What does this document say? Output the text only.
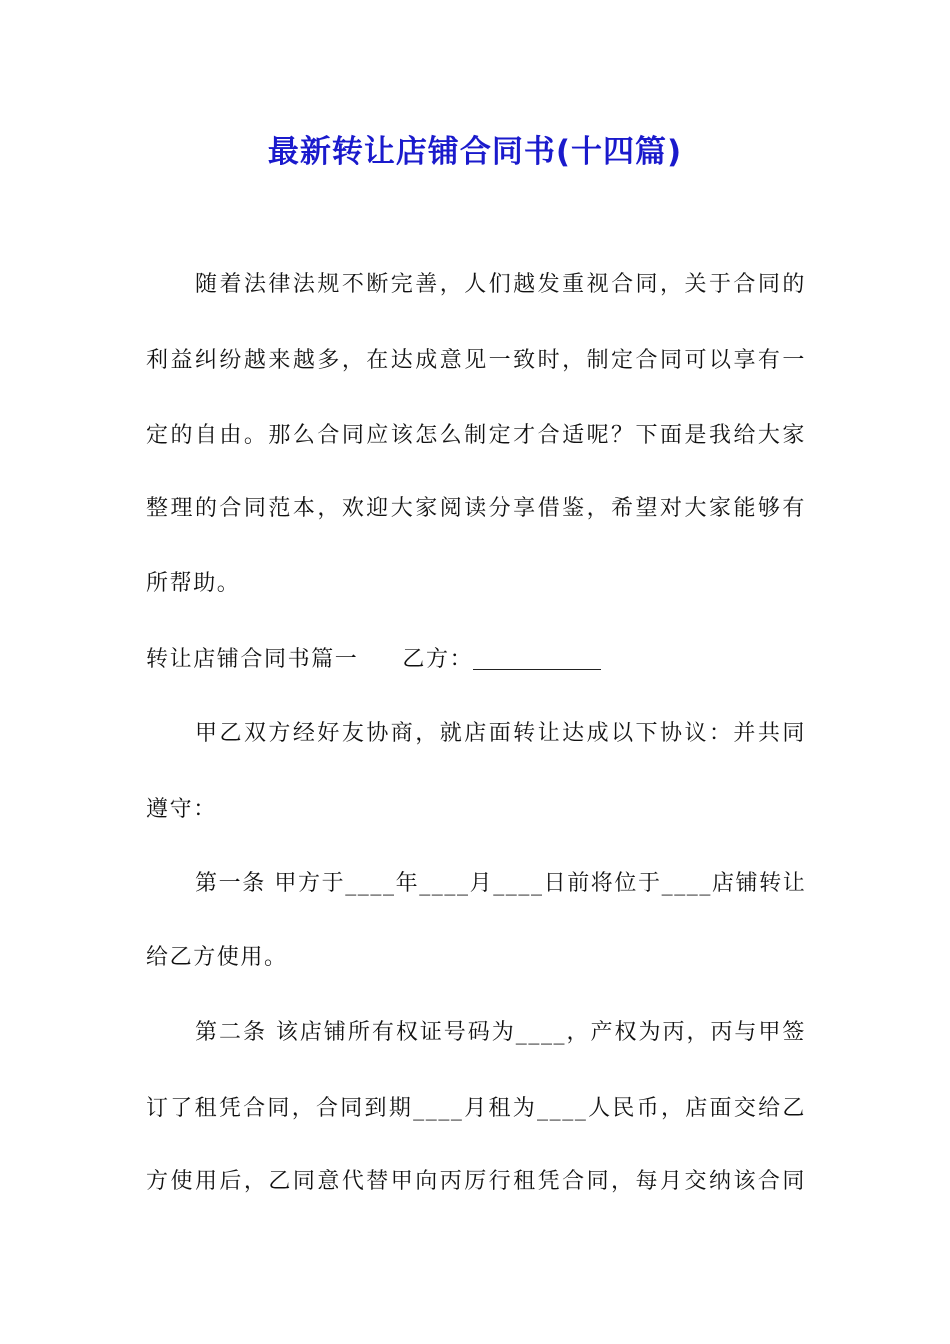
最新转让店铺合同书(十四篇)
随着法律法规不断完善，人们越发重视合同，关于合同的
利益纠纷越来越多，在达成意见一致时，制定合同可以享有一
定的自由。那么合同应该怎么制定才合适呢？下面是我给大家
整理的合同范本，欢迎大家阅读分享借鉴，希望对大家能够有
所帮助。
转让店铺合同书篇一 乙方：
甲乙双方经好友协商，就店面转让达成以下协议：并共同
遵守：
第一条 甲方于____年____月____日前将位于____店铺转让
给乙方使用。
第二条 该店铺所有权证号码为____，产权为丙，丙与甲签
订了租凭合同，合同到期____月租为____人民币，店面交给乙
方使用后，乙同意代替甲向丙厉行租凭合同，每月交纳该合同
